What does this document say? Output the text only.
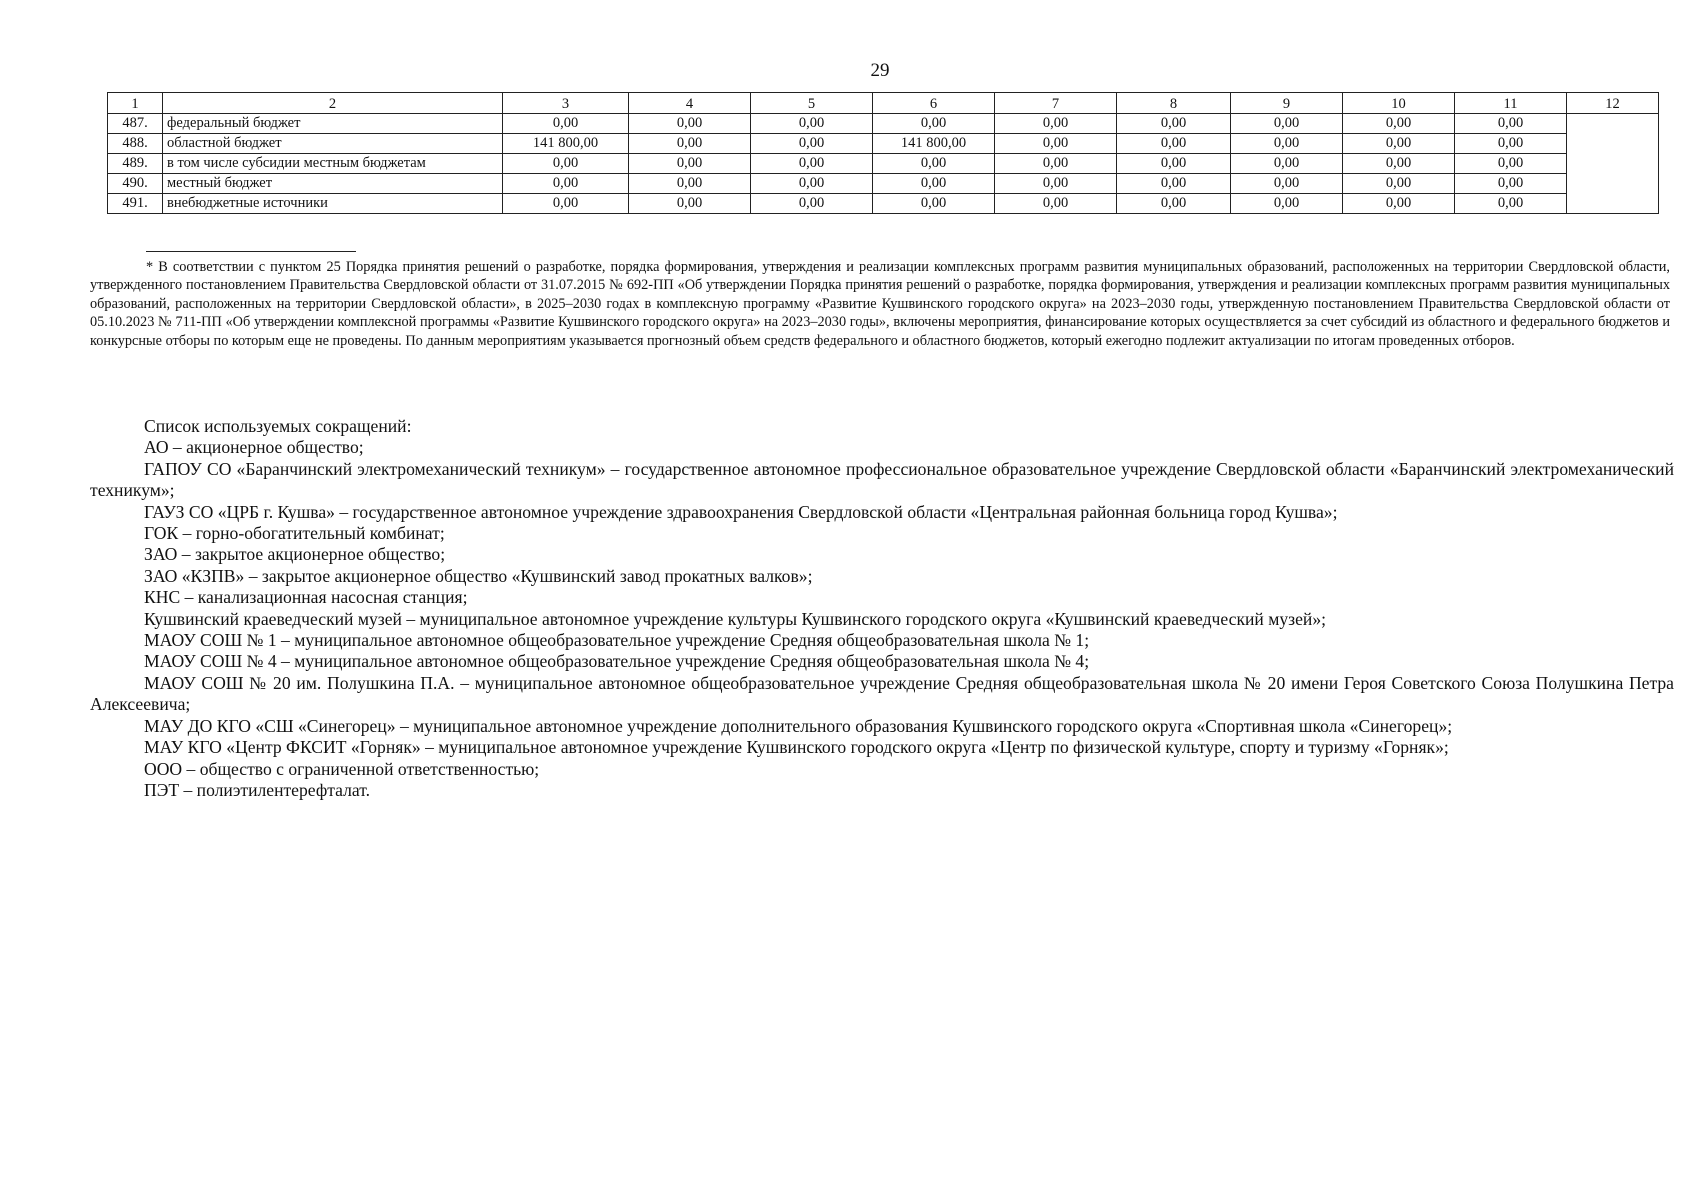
29
1	2	3	4	5	6	7	8	9	10	11	12
487.	федеральный бюджет	0,00	0,00	0,00	0,00	0,00	0,00	0,00	0,00	0,00	
488.	областной бюджет	141 800,00	0,00	0,00	141 800,00	0,00	0,00	0,00	0,00	0,00	
489.	в том числе субсидии местным бюджетам	0,00	0,00	0,00	0,00	0,00	0,00	0,00	0,00	0,00	
490.	местный бюджет	0,00	0,00	0,00	0,00	0,00	0,00	0,00	0,00	0,00	
491.	внебюджетные источники	0,00	0,00	0,00	0,00	0,00	0,00	0,00	0,00	0,00	

* В соответствии с пунктом 25 Порядка принятия решений о разработке, порядка формирования, утверждения и реализации комплексных программ развития муниципальных образований, расположенных на территории Свердловской области, утвержденного постановлением Правительства Свердловской области от 31.07.2015 № 692-ПП «Об утверждении Порядка принятия решений о разработке, порядка формирования, утверждения и реализации комплексных программ развития муниципальных образований, расположенных на территории Свердловской области», в 2025–2030 годах в комплексную программу «Развитие Кушвинского городского округа» на 2023–2030 годы, утвержденную постановлением Правительства Свердловской области от 05.10.2023 № 711-ПП «Об утверждении комплексной программы «Развитие Кушвинского городского округа» на 2023–2030 годы», включены мероприятия, финансирование которых осуществляется за счет субсидий из областного и федерального бюджетов и конкурсные отборы по которым еще не проведены. По данным мероприятиям указывается прогнозный объем средств федерального и областного бюджетов, который ежегодно подлежит актуализации по итогам проведенных отборов.

Список используемых сокращений:

АО – акционерное общество;

ГАПОУ СО «Баранчинский электромеханический техникум» – государственное автономное профессиональное образовательное учреждение Свердловской области «Баранчинский электромеханический техникум»;

ГАУЗ СО «ЦРБ г. Кушва» – государственное автономное учреждение здравоохранения Свердловской области «Центральная районная больница город Кушва»;

ГОК – горно-обогатительный комбинат;

ЗАО – закрытое акционерное общество;

ЗАО «КЗПВ» – закрытое акционерное общество «Кушвинский завод прокатных валков»;

КНС – канализационная насосная станция;

Кушвинский краеведческий музей – муниципальное автономное учреждение культуры Кушвинского городского округа «Кушвинский краеведческий музей»;

МАОУ СОШ № 1 – муниципальное автономное общеобразовательное учреждение Средняя общеобразовательная школа № 1;

МАОУ СОШ № 4 – муниципальное автономное общеобразовательное учреждение Средняя общеобразовательная школа № 4;

МАОУ СОШ № 20 им. Полушкина П.А. – муниципальное автономное общеобразовательное учреждение Средняя общеобразовательная школа № 20 имени Героя Советского Союза Полушкина Петра Алексеевича;

МАУ ДО КГО «СШ «Синегорец» – муниципальное автономное учреждение дополнительного образования Кушвинского городского округа «Спортивная школа «Синегорец»;

МАУ КГО «Центр ФКСИТ «Горняк» – муниципальное автономное учреждение Кушвинского городского округа «Центр по физической культуре, спорту и туризму «Горняк»;

ООО – общество с ограниченной ответственностью;

ПЭТ – полиэтилентерефталат.
